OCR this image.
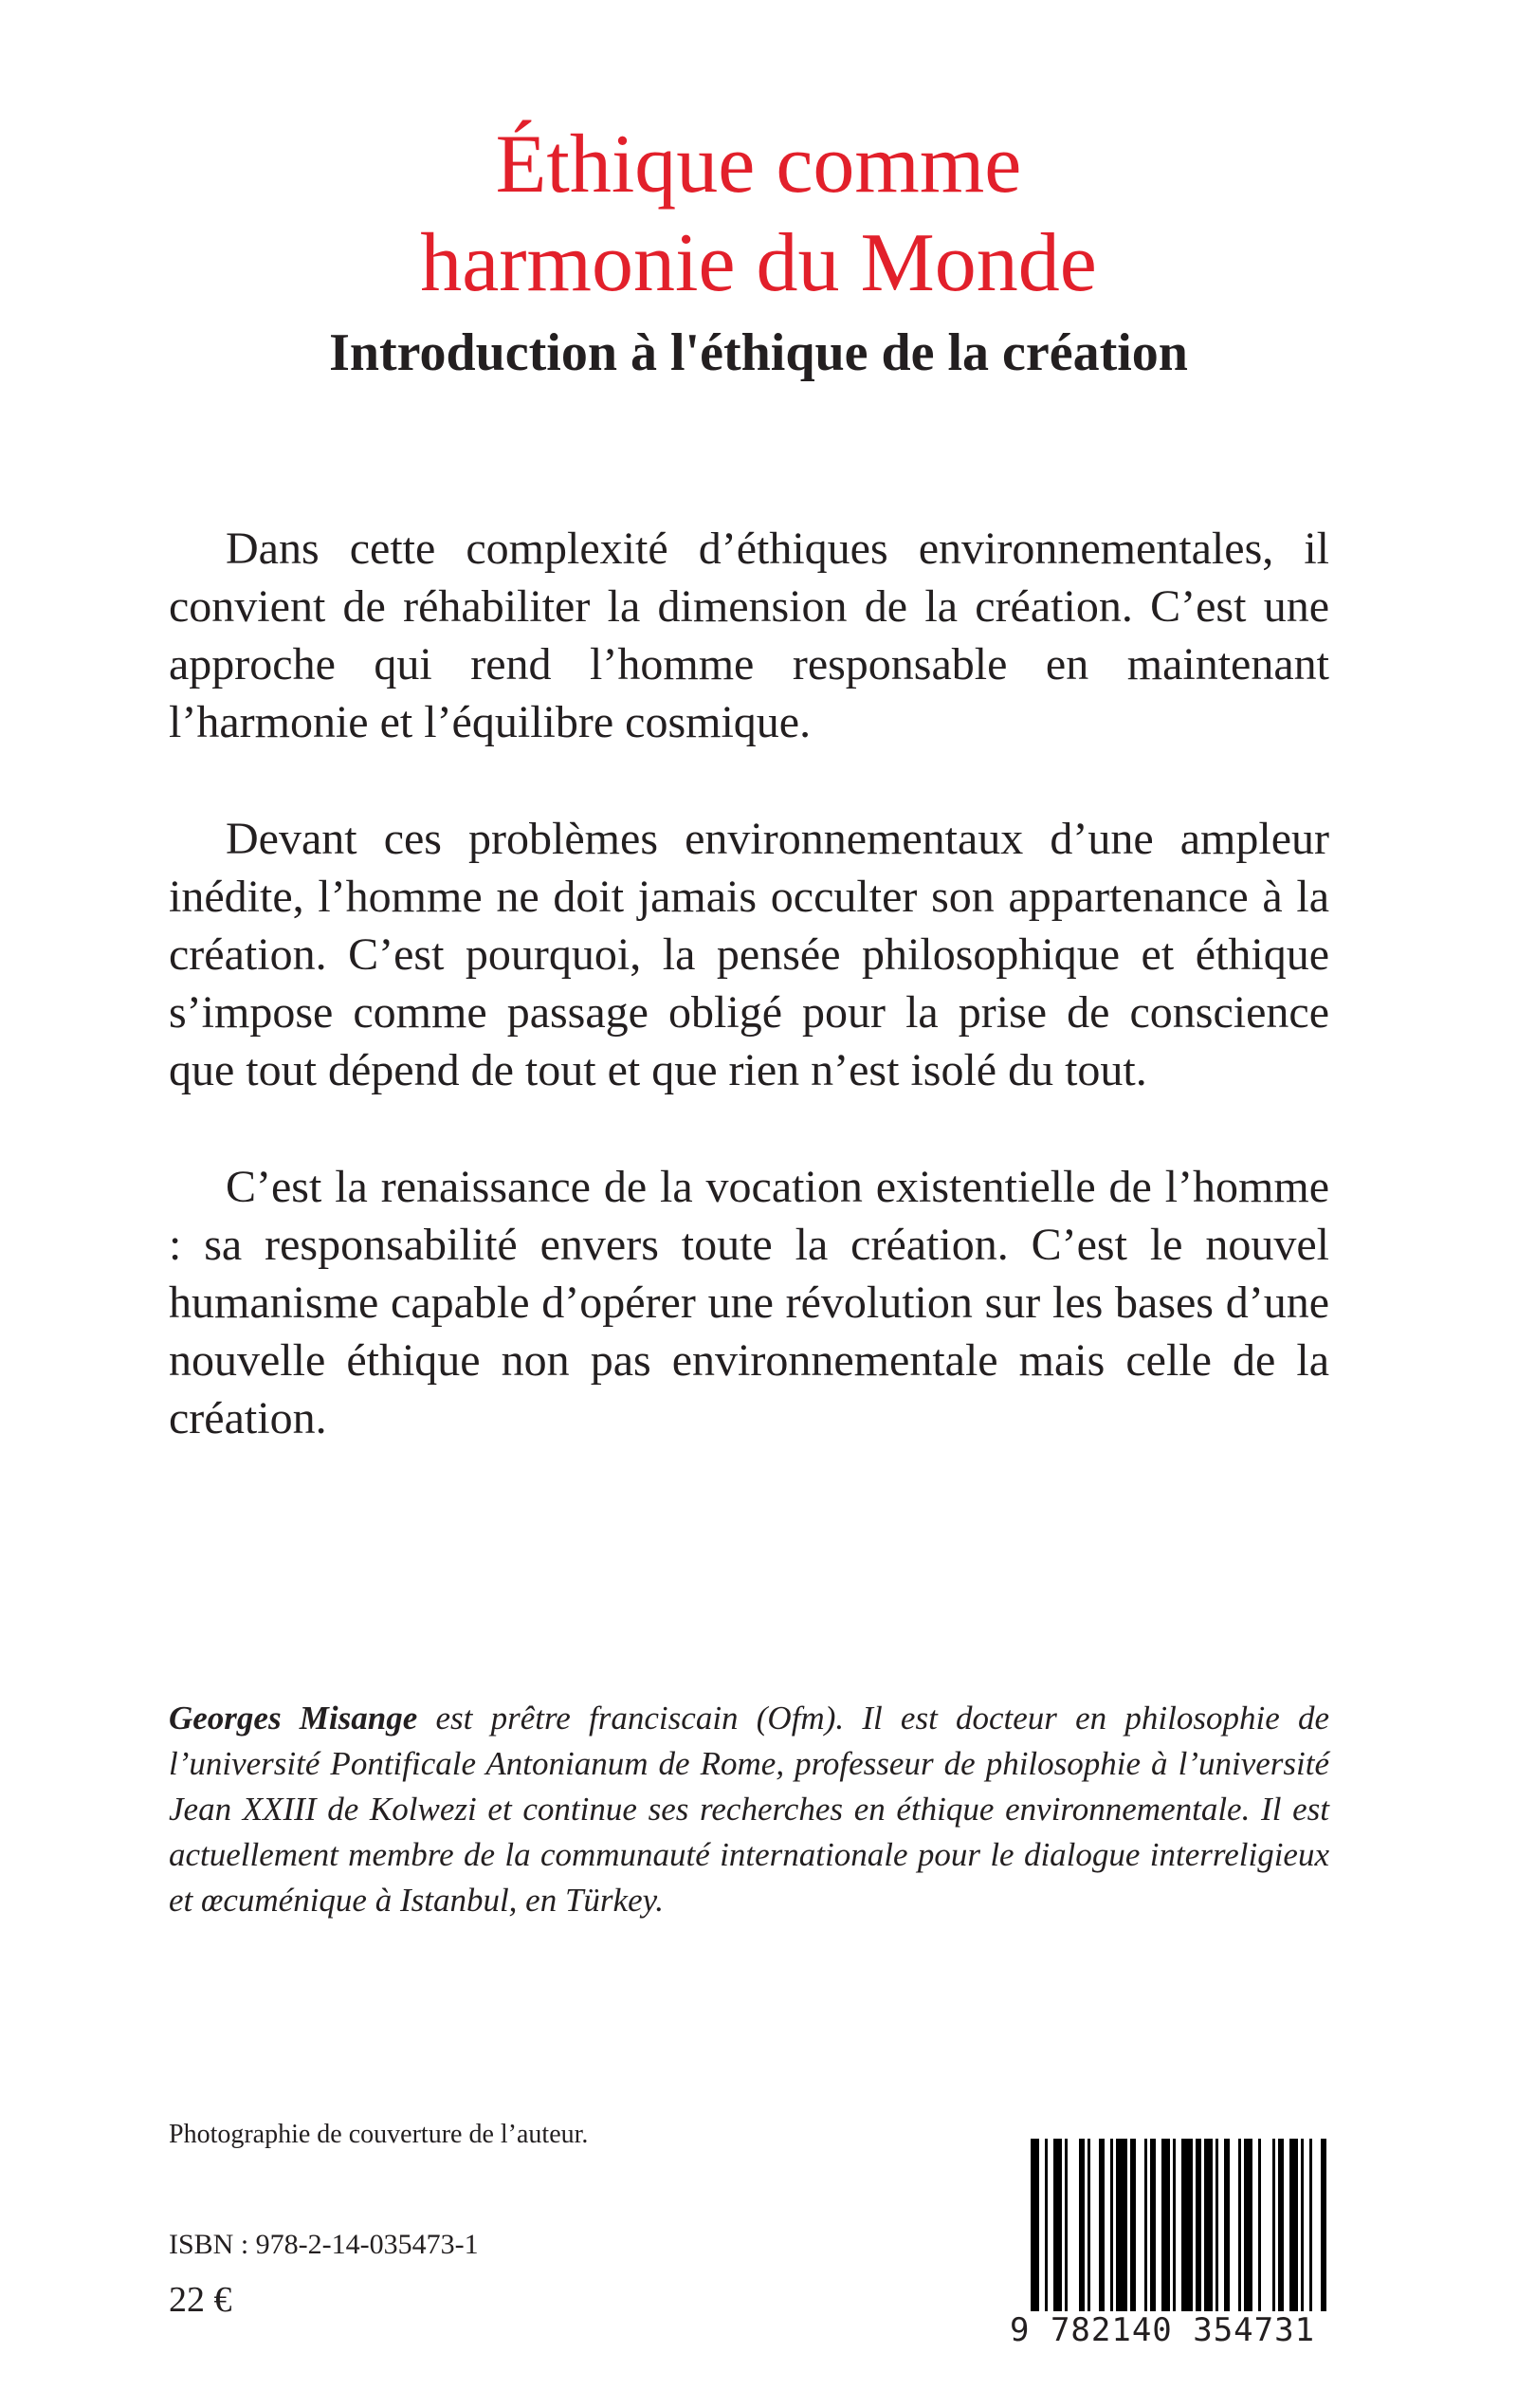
Éthique comme
harmonie du Monde
Introduction à l'éthique de la création

Dans cette complexité d’éthiques environnementales, il convient de réhabiliter la dimension de la création. C’est une approche qui rend l’homme responsable en maintenant l’harmonie et l’équilibre cosmique.

Devant ces problèmes environnementaux d’une ampleur inédite, l’homme ne doit jamais occulter son appartenance à la création. C’est pourquoi, la pensée philosophique et éthique s’impose comme passage obligé pour la prise de conscience que tout dépend de tout et que rien n’est isolé du tout.

C’est la renaissance de la vocation existentielle de l’homme : sa responsabilité envers toute la création. C’est le nouvel humanisme capable d’opérer une révolution sur les bases d’une nouvelle éthique non pas environnementale mais celle de la création.

Georges Misange est prêtre franciscain (Ofm). Il est docteur en philosophie de l’université Pontificale Antonianum de Rome, professeur de philosophie à l’université Jean XXIII de Kolwezi et continue ses recherches en éthique environnementale. Il est actuellement membre de la communauté internationale pour le dialogue interreligieux et œcuménique à Istanbul, en Türkey.

Photographie de couverture de l’auteur.

ISBN : 978-2-14-035473-1

22 €

9 782140 354731
